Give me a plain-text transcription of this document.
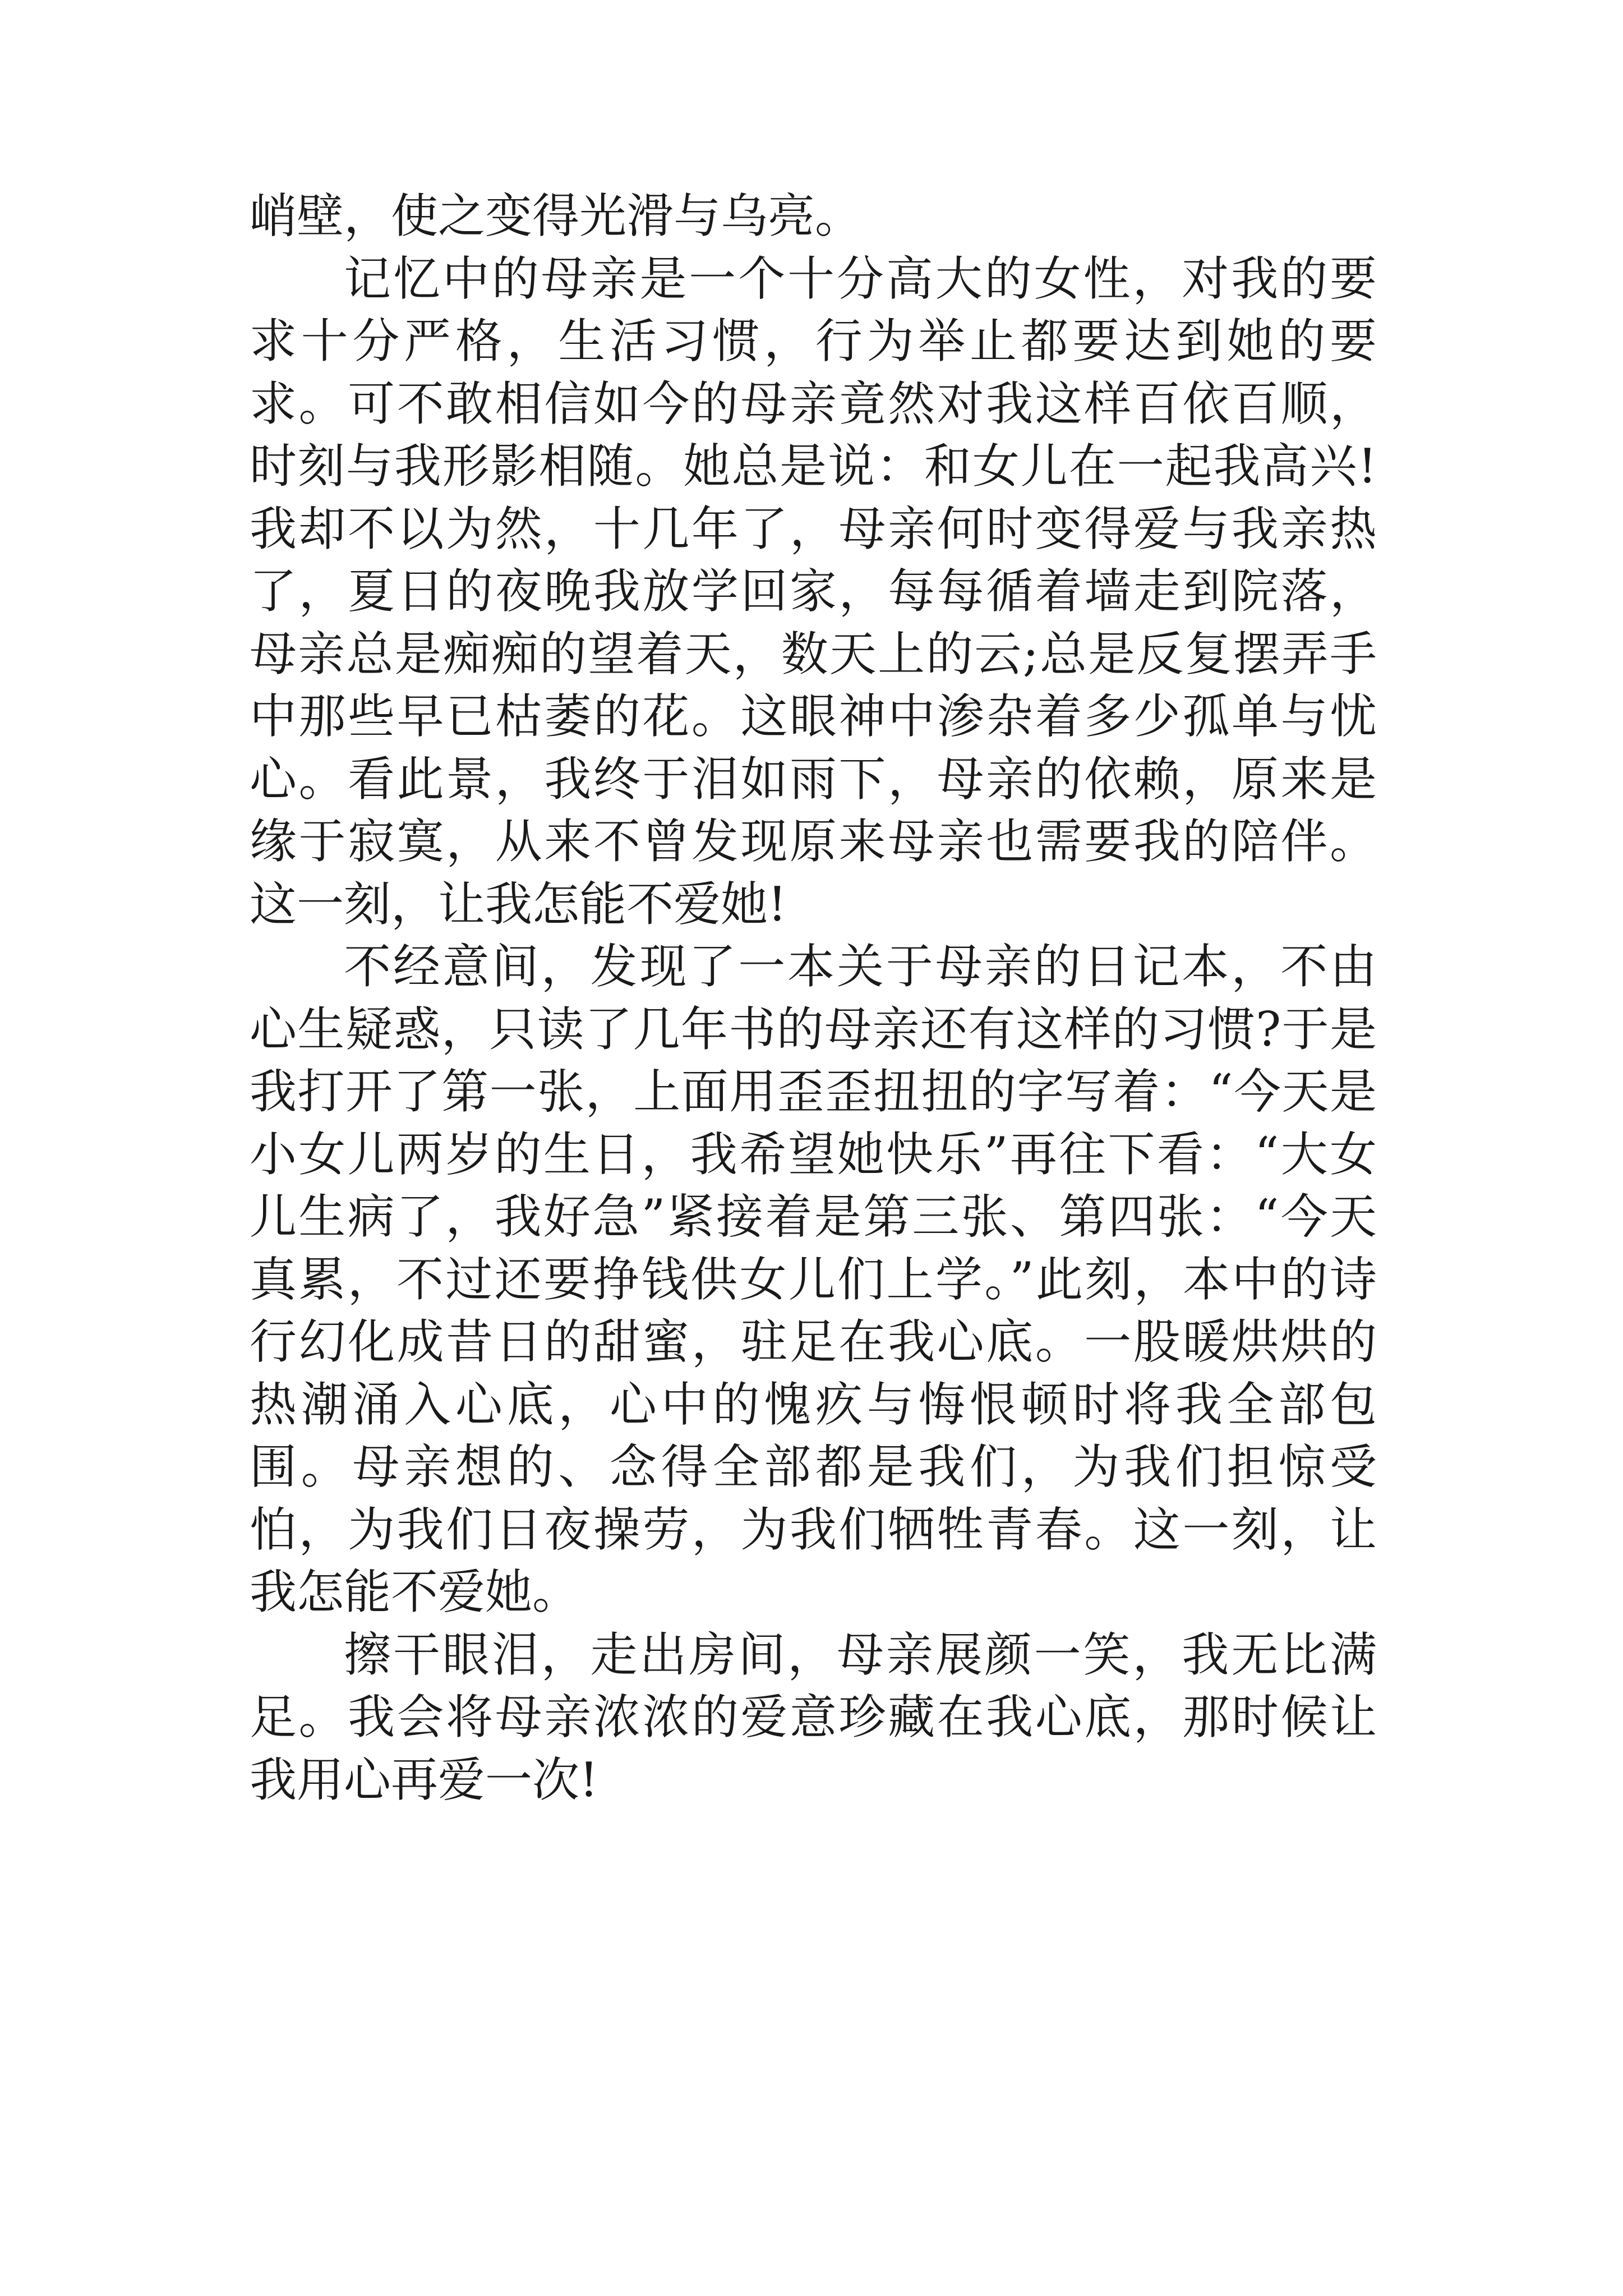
峭壁，使之变得光滑与乌亮。

记忆中的母亲是一个十分高大的女性，对我的要求十分严格，生活习惯，行为举止都要达到她的要求。可不敢相信如今的母亲竟然对我这样百依百顺，时刻与我形影相随。她总是说：和女儿在一起我高兴!我却不以为然，十几年了，母亲何时变得爱与我亲热了，夏日的夜晚我放学回家，每每循着墙走到院落，母亲总是痴痴的望着天，数天上的云;总是反复摆弄手中那些早已枯萎的花。这眼神中渗杂着多少孤单与忧心。看此景，我终于泪如雨下，母亲的依赖，原来是缘于寂寞，从来不曾发现原来母亲也需要我的陪伴。这一刻，让我怎能不爱她!

不经意间，发现了一本关于母亲的日记本，不由心生疑惑，只读了几年书的母亲还有这样的习惯?于是我打开了第一张，上面用歪歪扭扭的字写着：“今天是小女儿两岁的生日，我希望她快乐”再往下看：“大女儿生病了，我好急”紧接着是第三张、第四张：“今天真累，不过还要挣钱供女儿们上学。”此刻，本中的诗行幻化成昔日的甜蜜，驻足在我心底。一股暖烘烘的热潮涌入心底，心中的愧疚与悔恨顿时将我全部包围。母亲想的、念得全部都是我们，为我们担惊受怕，为我们日夜操劳，为我们牺牲青春。这一刻，让我怎能不爱她。

擦干眼泪，走出房间，母亲展颜一笑，我无比满足。我会将母亲浓浓的爱意珍藏在我心底，那时候让我用心再爱一次!
